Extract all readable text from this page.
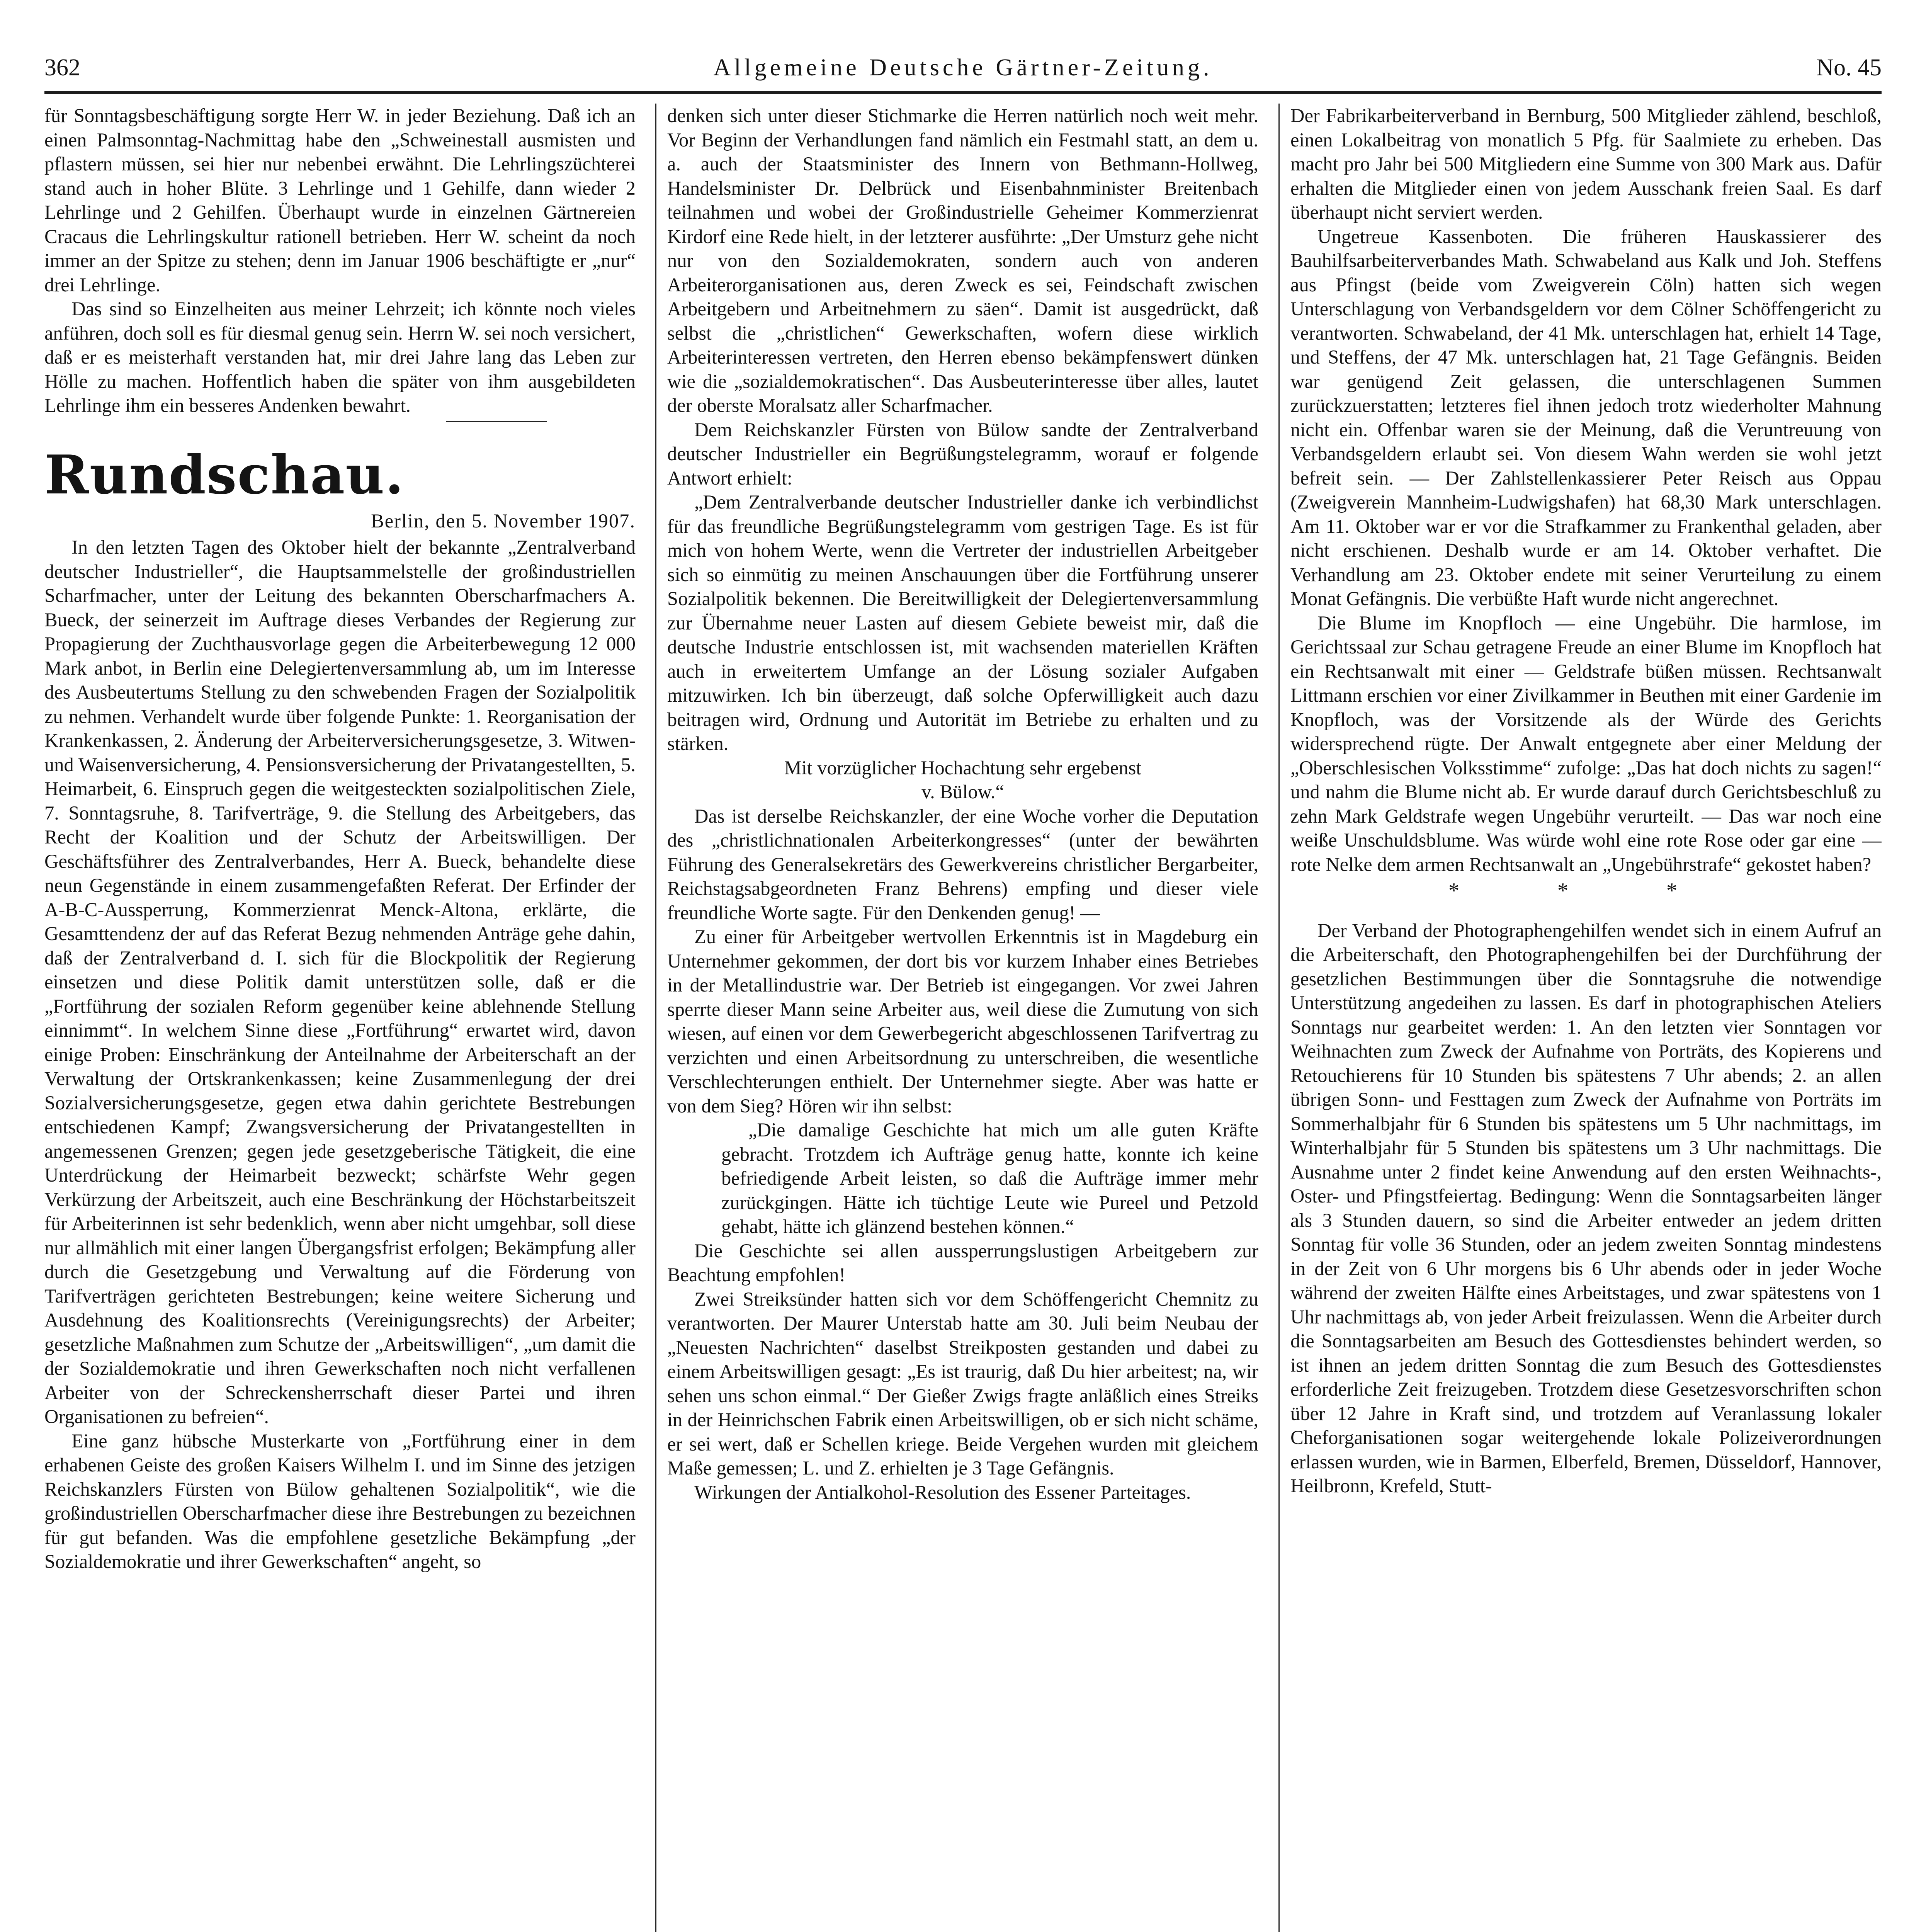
362	Allgemeine Deutsche Gärtner-Zeitung.	No. 45

für Sonntagsbeschäftigung sorgte Herr W. in jeder Beziehung. Daß ich an einen Palmsonntag-Nachmittag habe den „Schweinestall ausmisten und pflastern müssen, sei hier nur nebenbei erwähnt. Die Lehrlingszüchterei stand auch in hoher Blüte. 3 Lehrlinge und 1 Gehilfe, dann wieder 2 Lehrlinge und 2 Gehilfen. Überhaupt wurde in einzelnen Gärtnereien Cracaus die Lehrlingskultur rationell betrieben. Herr W. scheint da noch immer an der Spitze zu stehen; denn im Januar 1906 beschäftigte er „nur“ drei Lehrlinge.

Das sind so Einzelheiten aus meiner Lehrzeit; ich könnte noch vieles anführen, doch soll es für diesmal genug sein. Herrn W. sei noch versichert, daß er es meisterhaft verstanden hat, mir drei Jahre lang das Leben zur Hölle zu machen. Hoffentlich haben die später von ihm ausgebildeten Lehrlinge ihm ein besseres Andenken bewahrt.

Rundschau.
Berlin, den 5. November 1907.

In den letzten Tagen des Oktober hielt der bekannte „Zentralverband deutscher Industrieller“, die Hauptsammelstelle der großindustriellen Scharfmacher, unter der Leitung des bekannten Oberscharfmachers A. Bueck, der seinerzeit im Auftrage dieses Verbandes der Regierung zur Propagierung der Zuchthausvorlage gegen die Arbeiterbewegung 12 000 Mark anbot, in Berlin eine Delegiertenversammlung ab, um im Interesse des Ausbeutertums Stellung zu den schwebenden Fragen der Sozialpolitik zu nehmen. Verhandelt wurde über folgende Punkte: 1. Reorganisation der Krankenkassen, 2. Änderung der Arbeiterversicherungsgesetze, 3. Witwen- und Waisenversicherung, 4. Pensionsversicherung der Privatangestellten, 5. Heimarbeit, 6. Einspruch gegen die weitgesteckten sozialpolitischen Ziele, 7. Sonntagsruhe, 8. Tarifverträge, 9. die Stellung des Arbeitgebers, das Recht der Koalition und der Schutz der Arbeitswilligen. Der Geschäftsführer des Zentralverbandes, Herr A. Bueck, behandelte diese neun Gegenstände in einem zusammengefaßten Referat. Der Erfinder der A-B-C-Aussperrung, Kommerzienrat Menck-Altona, erklärte, die Gesamttendenz der auf das Referat Bezug nehmenden Anträge gehe dahin, daß der Zentralverband d. I. sich für die Blockpolitik der Regierung einsetzen und diese Politik damit unterstützen solle, daß er die „Fortführung der sozialen Reform gegenüber keine ablehnende Stellung einnimmt“. In welchem Sinne diese „Fortführung“ erwartet wird, davon einige Proben: Einschränkung der Anteilnahme der Arbeiterschaft an der Verwaltung der Ortskrankenkassen; keine Zusammenlegung der drei Sozialversicherungsgesetze, gegen etwa dahin gerichtete Bestrebungen entschiedenen Kampf; Zwangsversicherung der Privatangestellten in angemessenen Grenzen; gegen jede gesetzgeberische Tätigkeit, die eine Unterdrückung der Heimarbeit bezweckt; schärfste Wehr gegen Verkürzung der Arbeitszeit, auch eine Beschränkung der Höchstarbeitszeit für Arbeiterinnen ist sehr bedenklich, wenn aber nicht umgehbar, soll diese nur allmählich mit einer langen Übergangsfrist erfolgen; Bekämpfung aller durch die Gesetzgebung und Verwaltung auf die Förderung von Tarifverträgen gerichteten Bestrebungen; keine weitere Sicherung und Ausdehnung des Koalitionsrechts (Vereinigungsrechts) der Arbeiter; gesetzliche Maßnahmen zum Schutze der „Arbeitswilligen“, „um damit die der Sozialdemokratie und ihren Gewerkschaften noch nicht verfallenen Arbeiter von der Schreckensherrschaft dieser Partei und ihren Organisationen zu befreien“.

Eine ganz hübsche Musterkarte von „Fortführung einer in dem erhabenen Geiste des großen Kaisers Wilhelm I. und im Sinne des jetzigen Reichskanzlers Fürsten von Bülow gehaltenen Sozialpolitik“, wie die großindustriellen Oberscharfmacher diese ihre Bestrebungen zu bezeichnen für gut befanden. Was die empfohlene gesetzliche Bekämpfung „der Sozialdemokratie und ihrer Gewerkschaften“ angeht, so

denken sich unter dieser Stichmarke die Herren natürlich noch weit mehr. Vor Beginn der Verhandlungen fand nämlich ein Festmahl statt, an dem u. a. auch der Staatsminister des Innern von Bethmann-Hollweg, Handelsminister Dr. Delbrück und Eisenbahnminister Breitenbach teilnahmen und wobei der Großindustrielle Geheimer Kommerzienrat Kirdorf eine Rede hielt, in der letzterer ausführte: „Der Umsturz gehe nicht nur von den Sozialdemokraten, sondern auch von anderen Arbeiterorganisationen aus, deren Zweck es sei, Feindschaft zwischen Arbeitgebern und Arbeitnehmern zu säen“. Damit ist ausgedrückt, daß selbst die „christlichen“ Gewerkschaften, wofern diese wirklich Arbeiterinteressen vertreten, den Herren ebenso bekämpfenswert dünken wie die „sozialdemokratischen“. Das Ausbeuterinteresse über alles, lautet der oberste Moralsatz aller Scharfmacher.

Dem Reichskanzler Fürsten von Bülow sandte der Zentralverband deutscher Industrieller ein Begrüßungstelegramm, worauf er folgende Antwort erhielt:

„Dem Zentralverbande deutscher Industrieller danke ich verbindlichst für das freundliche Begrüßungstelegramm vom gestrigen Tage. Es ist für mich von hohem Werte, wenn die Vertreter der industriellen Arbeitgeber sich so einmütig zu meinen Anschauungen über die Fortführung unserer Sozialpolitik bekennen. Die Bereitwilligkeit der Delegiertenversammlung zur Übernahme neuer Lasten auf diesem Gebiete beweist mir, daß die deutsche Industrie entschlossen ist, mit wachsenden materiellen Kräften auch in erweitertem Umfange an der Lösung sozialer Aufgaben mitzuwirken. Ich bin überzeugt, daß solche Opferwilligkeit auch dazu beitragen wird, Ordnung und Autorität im Betriebe zu erhalten und zu stärken.

Mit vorzüglicher Hochachtung sehr ergebenst

v. Bülow.“

Das ist derselbe Reichskanzler, der eine Woche vorher die Deputation des „christlichnationalen Arbeiterkongresses“ (unter der bewährten Führung des Generalsekretärs des Gewerkvereins christlicher Bergarbeiter, Reichstagsabgeordneten Franz Behrens) empfing und dieser viele freundliche Worte sagte. Für den Denkenden genug! —

Zu einer für Arbeitgeber wertvollen Erkenntnis ist in Magdeburg ein Unternehmer gekommen, der dort bis vor kurzem Inhaber eines Betriebes in der Metallindustrie war. Der Betrieb ist eingegangen. Vor zwei Jahren sperrte dieser Mann seine Arbeiter aus, weil diese die Zumutung von sich wiesen, auf einen vor dem Gewerbegericht abgeschlossenen Tarifvertrag zu verzichten und einen Arbeitsordnung zu unterschreiben, die wesentliche Verschlechterungen enthielt. Der Unternehmer siegte. Aber was hatte er von dem Sieg? Hören wir ihn selbst:

„Die damalige Geschichte hat mich um alle guten Kräfte gebracht. Trotzdem ich Aufträge genug hatte, konnte ich keine befriedigende Arbeit leisten, so daß die Aufträge immer mehr zurückgingen. Hätte ich tüchtige Leute wie Pureel und Petzold gehabt, hätte ich glänzend bestehen können.“

Die Geschichte sei allen aussperrungslustigen Arbeitgebern zur Beachtung empfohlen!

Zwei Streiksünder hatten sich vor dem Schöffengericht Chemnitz zu verantworten. Der Maurer Unterstab hatte am 30. Juli beim Neubau der „Neuesten Nachrichten“ daselbst Streikposten gestanden und dabei zu einem Arbeitswilligen gesagt: „Es ist traurig, daß Du hier arbeitest; na, wir sehen uns schon einmal.“ Der Gießer Zwigs fragte anläßlich eines Streiks in der Heinrichschen Fabrik einen Arbeitswilligen, ob er sich nicht schäme, er sei wert, daß er Schellen kriege. Beide Vergehen wurden mit gleichem Maße gemessen; L. und Z. erhielten je 3 Tage Gefängnis.

Wirkungen der Antialkohol-Resolution des Essener Parteitages.

Der Fabrikarbeiterverband in Bernburg, 500 Mitglieder zählend, beschloß, einen Lokalbeitrag von monatlich 5 Pfg. für Saalmiete zu erheben. Das macht pro Jahr bei 500 Mitgliedern eine Summe von 300 Mark aus. Dafür erhalten die Mitglieder einen von jedem Ausschank freien Saal. Es darf überhaupt nicht serviert werden.

Ungetreue Kassenboten. Die früheren Hauskassierer des Bauhilfsarbeiterverbandes Math. Schwabeland aus Kalk und Joh. Steffens aus Pfingst (beide vom Zweigverein Cöln) hatten sich wegen Unterschlagung von Verbandsgeldern vor dem Cölner Schöffengericht zu verantworten. Schwabeland, der 41 Mk. unterschlagen hat, erhielt 14 Tage, und Steffens, der 47 Mk. unterschlagen hat, 21 Tage Gefängnis. Beiden war genügend Zeit gelassen, die unterschlagenen Summen zurückzuerstatten; letzteres fiel ihnen jedoch trotz wiederholter Mahnung nicht ein. Offenbar waren sie der Meinung, daß die Veruntreuung von Verbandsgeldern erlaubt sei. Von diesem Wahn werden sie wohl jetzt befreit sein. — Der Zahlstellenkassierer Peter Reisch aus Oppau (Zweigverein Mannheim-Ludwigshafen) hat 68,30 Mark unterschlagen. Am 11. Oktober war er vor die Strafkammer zu Frankenthal geladen, aber nicht erschienen. Deshalb wurde er am 14. Oktober verhaftet. Die Verhandlung am 23. Oktober endete mit seiner Verurteilung zu einem Monat Gefängnis. Die verbüßte Haft wurde nicht angerechnet.

Die Blume im Knopfloch — eine Ungebühr. Die harmlose, im Gerichtssaal zur Schau getragene Freude an einer Blume im Knopfloch hat ein Rechtsanwalt mit einer — Geldstrafe büßen müssen. Rechtsanwalt Littmann erschien vor einer Zivilkammer in Beuthen mit einer Gardenie im Knopfloch, was der Vorsitzende als der Würde des Gerichts widersprechend rügte. Der Anwalt entgegnete aber einer Meldung der „Oberschlesischen Volksstimme“ zufolge: „Das hat doch nichts zu sagen!“ und nahm die Blume nicht ab. Er wurde darauf durch Gerichtsbeschluß zu zehn Mark Geldstrafe wegen Ungebühr verurteilt. — Das war noch eine weiße Unschuldsblume. Was würde wohl eine rote Rose oder gar eine — rote Nelke dem armen Rechtsanwalt an „Ungebührstrafe“ gekostet haben?

* * *

Der Verband der Photographengehilfen wendet sich in einem Aufruf an die Arbeiterschaft, den Photographengehilfen bei der Durchführung der gesetzlichen Bestimmungen über die Sonntagsruhe die notwendige Unterstützung angedeihen zu lassen. Es darf in photographischen Ateliers Sonntags nur gearbeitet werden: 1. An den letzten vier Sonntagen vor Weihnachten zum Zweck der Aufnahme von Porträts, des Kopierens und Retouchierens für 10 Stunden bis spätestens 7 Uhr abends; 2. an allen übrigen Sonn- und Festtagen zum Zweck der Aufnahme von Porträts im Sommerhalbjahr für 6 Stunden bis spätestens um 5 Uhr nachmittags, im Winterhalbjahr für 5 Stunden bis spätestens um 3 Uhr nachmittags. Die Ausnahme unter 2 findet keine Anwendung auf den ersten Weihnachts-, Oster- und Pfingstfeiertag. Bedingung: Wenn die Sonntagsarbeiten länger als 3 Stunden dauern, so sind die Arbeiter entweder an jedem dritten Sonntag für volle 36 Stunden, oder an jedem zweiten Sonntag mindestens in der Zeit von 6 Uhr morgens bis 6 Uhr abends oder in jeder Woche während der zweiten Hälfte eines Arbeitstages, und zwar spätestens von 1 Uhr nachmittags ab, von jeder Arbeit freizulassen. Wenn die Arbeiter durch die Sonntagsarbeiten am Besuch des Gottesdienstes behindert werden, so ist ihnen an jedem dritten Sonntag die zum Besuch des Gottesdienstes erforderliche Zeit freizugeben. Trotzdem diese Gesetzesvorschriften schon über 12 Jahre in Kraft sind, und trotzdem auf Veranlassung lokaler Cheforganisationen sogar weitergehende lokale Polizeiverordnungen erlassen wurden, wie in Barmen, Elberfeld, Bremen, Düsseldorf, Hannover, Heilbronn, Krefeld, Stutt-
